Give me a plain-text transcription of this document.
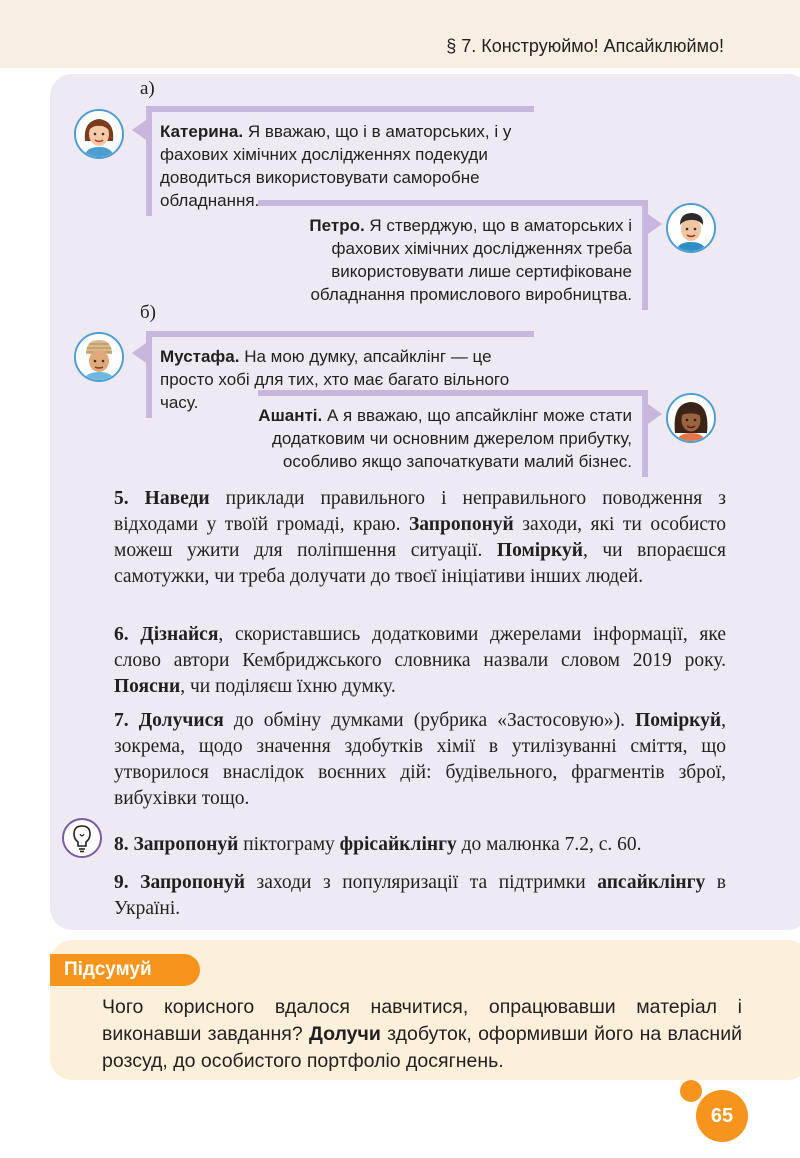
§ 7. Конструюймо! Апсайклюймо!
а)
Катерина. Я вважаю, що і в аматорських, і у фахових хімічних дослідженнях подекуди доводиться використовувати саморобне обладнання.
Петро. Я стверджую, що в аматорських і фахових хімічних дослідженнях треба використовувати лише сертифіковане обладнання промислового виробництва.
б)
Мустафа. На мою думку, апсайклінг — це просто хобі для тих, хто має багато вільного часу.
Ашанті. А я вважаю, що апсайклінг може стати додатковим чи основним джерелом прибутку, особливо якщо започаткувати малий бізнес.
5. Наведи приклади правильного і неправильного поводження з відходами у твоїй громаді, краю. Запропонуй заходи, які ти особисто можеш ужити для поліпшення ситуації. Поміркуй, чи впораєшся самотужки, чи треба долучати до твоєї ініціативи інших людей.
6. Дізнайся, скориставшись додатковими джерелами інформації, яке слово автори Кембриджського словника назвали словом 2019 року. Поясни, чи поділяєш їхню думку.
7. Долучися до обміну думками (рубрика «Застосовую»). Поміркуй, зокрема, щодо значення здобутків хімії в утилізуванні сміття, що утворилося внаслідок воєнних дій: будівельного, фрагментів зброї, вибухівки тощо.
8. Запропонуй піктограму фрісайклінгу до малюнка 7.2, с. 60.
9. Запропонуй заходи з популяризації та підтримки апсайклінгу в Україні.
Підсумуй
Чого корисного вдалося навчитися, опрацювавши матеріал і виконавши завдання? Долучи здобуток, оформивши його на власний розсуд, до особистого портфоліо досягнень.
65
